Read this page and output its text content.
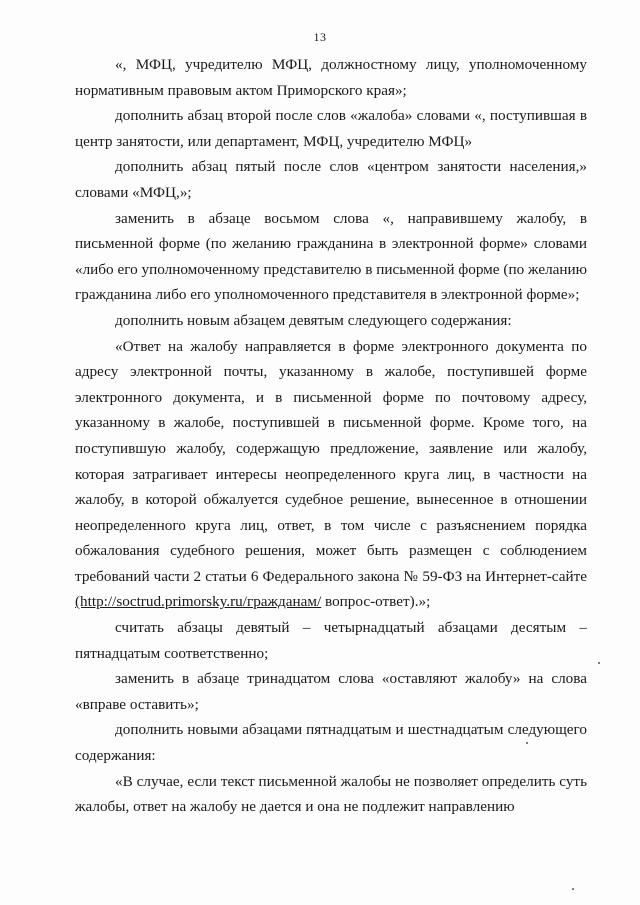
13

«, МФЦ, учредителю МФЦ, должностному лицу, уполномоченному нормативным правовым актом Приморского края»;

дополнить абзац второй после слов «жалоба» словами «, поступившая в центр занятости, или департамент, МФЦ, учредителю МФЦ»

дополнить абзац пятый после слов «центром занятости населения,» словами «МФЦ,»;

заменить в абзаце восьмом слова «, направившему жалобу, в письменной форме (по желанию гражданина в электронной форме» словами «либо его уполномоченному представителю в письменной форме (по желанию гражданина либо его уполномоченного представителя в электронной форме»;

дополнить новым абзацем девятым следующего содержания:

«Ответ на жалобу направляется в форме электронного документа по адресу электронной почты, указанному в жалобе, поступившей форме электронного документа, и в письменной форме по почтовому адресу, указанному в жалобе, поступившей в письменной форме. Кроме того, на поступившую жалобу, содержащую предложение, заявление или жалобу, которая затрагивает интересы неопределенного круга лиц, в частности на жалобу, в которой обжалуется судебное решение, вынесенное в отношении неопределенного круга лиц, ответ, в том числе с разъяснением порядка обжалования судебного решения, может быть размещен с соблюдением требований части 2 статьи 6 Федерального закона № 59-ФЗ на Интернет-сайте (http://soctrud.primorsky.ru/гражданам/ вопрос-ответ).»;

считать абзацы девятый – четырнадцатый абзацами десятым – пятнадцатым соответственно;

заменить в абзаце тринадцатом слова «оставляют жалобу» на слова «вправе оставить»;

дополнить новыми абзацами пятнадцатым и шестнадцатым следующего содержания:

«В случае, если текст письменной жалобы не позволяет определить суть жалобы, ответ на жалобу не дается и она не подлежит направлению
